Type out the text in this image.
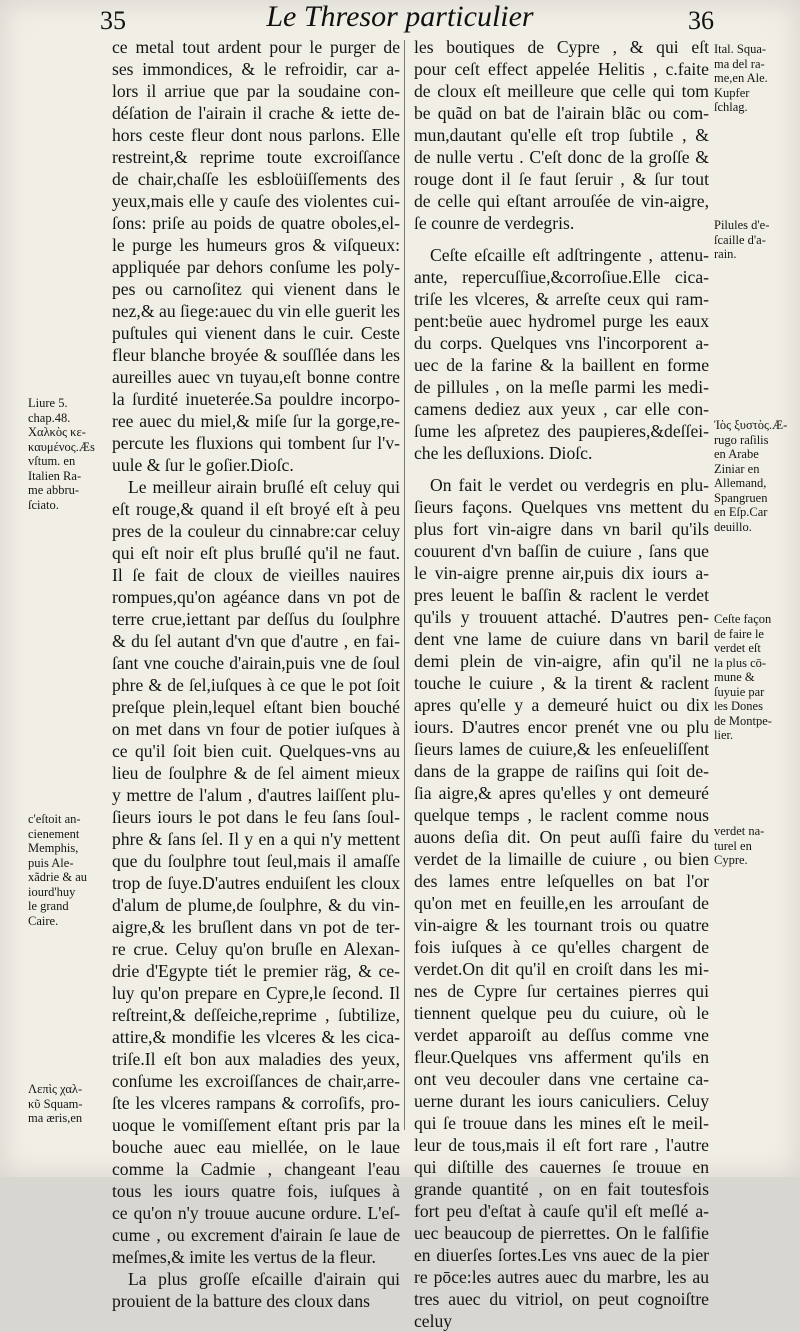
35	Le Thresor particulier	36

ce metal tout ardent pour le purger de
ses immondices, & le refroidir, car a-
lors il arriue que par la soudaine con-
déſation de l'airain il crache & iette de-
hors ceste fleur dont nous parlons. Elle
restreint,& reprime toute excroiſſance
de chair,chaſſe les esbloüiſſements des
yeux,mais elle y cauſe des violentes cui-
ſons: priſe au poids de quatre oboles,el-
le purge les humeurs gros & viſqueux:
appliquée par dehors conſume les poly-
pes ou carnoſitez qui vienent dans le
nez,& au ſiege:auec du vin elle guerit les
puſtules qui vienent dans le cuir. Ceste
fleur blanche broyée & souſſlée dans les
aureilles auec vn tuyau,eſt bonne contre
la ſurdité inueterée.Sa pouldre incorpo-
ree auec du miel,& miſe ſur la gorge,re-
percute les fluxions qui tombent ſur l'v-
uule & ſur le goſier.Dioſc.

Le meilleur airain bruſlé eſt celuy qui
eſt rouge,& quand il eſt broyé eſt à peu
pres de la couleur du cinnabre:car celuy
qui eſt noir eſt plus bruſlé qu'il ne faut.
Il ſe fait de cloux de vieilles nauires
rompues,qu'on agéance dans vn pot de
terre crue,iettant par deſſus du ſoulphre
& du ſel autant d'vn que d'autre , en fai-
ſant vne couche d'airain,puis vne de ſoul
phre & de ſel,iuſques à ce que le pot ſoit
preſque plein,lequel eſtant bien bouché
on met dans vn four de potier iuſques à
ce qu'il ſoit bien cuit. Quelques-vns au
lieu de ſoulphre & de ſel aiment mieux
y mettre de l'alum , d'autres laiſſent plu-
ſieurs iours le pot dans le feu ſans ſoul-
phre & ſans ſel. Il y en a qui n'y mettent
que du ſoulphre tout ſeul,mais il amaſſe
trop de ſuye.D'autres enduiſent les cloux
d'alum de plume,de ſoulphre, & du vin-
aigre,& les bruſlent dans vn pot de ter-
re crue. Celuy qu'on bruſle en Alexan-
drie d'Egypte tiét le premier räg, & ce-
luy qu'on prepare en Cypre,le ſecond. Il
reſtreint,& deſſeiche,reprime , ſubtilize,
attire,& mondifie les vlceres & les cica-
triſe.Il eſt bon aux maladies des yeux,
conſume les excroiſſances de chair,arre-
ſte les vlceres rampans & corroſifs, pro-
uoque le vomiſſement eſtant pris par la
bouche auec eau miellée, on le laue
comme la Cadmie , changeant l'eau
tous les iours quatre fois, iuſques à
ce qu'on n'y trouue aucune ordure. L'eſ-
cume , ou excrement d'airain ſe laue de
meſmes,& imite les vertus de la fleur.

La plus groſſe eſcaille d'airain qui
prouient de la batture des cloux dans

les boutiques de Cypre , & qui eſt
pour ceſt effect appelée Helitis , c.faite
de cloux eſt meilleure que celle qui tom
be quãd on bat de l'airain blãc ou com-
mun,dautant qu'elle eſt trop ſubtile , &
de nulle vertu . C'eſt donc de la groſſe &
rouge dont il ſe faut ſeruir , & ſur tout
de celle qui eſtant arrouſée de vin-aigre,
ſe counre de verdegris.

Ceſte eſcaille eſt adſtringente , attenu-
ante, repercuſſiue,&corroſiue.Elle cica-
triſe les vlceres, & arreſte ceux qui ram-
pent:beüe auec hydromel purge les eaux
du corps. Quelques vns l'incorporent a-
uec de la farine & la baillent en forme
de pillules , on la meſle parmi les medi-
camens dediez aux yeux , car elle con-
ſume les aſpretez des paupieres,&deſſei-
che les deſluxions. Dioſc.

On fait le verdet ou verdegris en plu-
ſieurs façons. Quelques vns mettent du
plus fort vin-aigre dans vn baril qu'ils
couurent d'vn baſſin de cuiure , ſans que
le vin-aigre prenne air,puis dix iours a-
pres leuent le baſſin & raclent le verdet
qu'ils y trouuent attaché. D'autres pen-
dent vne lame de cuiure dans vn baril
demi plein de vin-aigre, afin qu'il ne
touche le cuiure , & la tirent & raclent
apres qu'elle y a demeuré huict ou dix
iours. D'autres encor prenét vne ou plu
ſieurs lames de cuiure,& les enſeueliſſent
dans de la grappe de raiſins qui ſoit de-
ſia aigre,& apres qu'elles y ont demeuré
quelque temps , le raclent comme nous
auons deſia dit. On peut auſſi faire du
verdet de la limaille de cuiure , ou bien
des lames entre leſquelles on bat l'or
qu'on met en feuille,en les arrouſant de
vin-aigre & les tournant trois ou quatre
fois iuſques à ce qu'elles chargent de
verdet.On dit qu'il en croiſt dans les mi-
nes de Cypre ſur certaines pierres qui
tiennent quelque peu du cuiure, où le
verdet apparoiſt au deſſus comme vne
fleur.Quelques vns afferment qu'ils en
ont veu decouler dans vne certaine ca-
uerne durant les iours caniculiers. Celuy
qui ſe trouue dans les mines eſt le meil-
leur de tous,mais il eſt fort rare , l'autre
qui diſtille des cauernes ſe trouue en
grande quantité , on en fait toutesfois
fort peu d'eſtat à cauſe qu'il eſt meſlé a-
uec beaucoup de pierrettes. On le falſifie
en diuerſes ſortes.Les vns auec de la pier
re pōce:les autres auec du marbre, les au
tres auec du vitriol, on peut cognoiſtre
celuy

Liure 5.
chap.48.
Χαλκὸς κε-
καυμένος.Æs
vſtum. en
Italien Ra-
me abbru-
ſciato.
c'eſtoit an-
cienement
Memphis,
puis Ale-
xãdrie & au
iourd'huy
le grand
Caire.
Λεπὶς χαλ-
κῦ Squam-
ma æris,en
Ital. Squa-
ma del ra-
me,en Ale.
Kupfer
ſchlag.
Pilules d'e-
ſcaille d'a-
rain.
Ἰὸς ξυστὸς.Æ-
rugo raſilis
en Arabe
Ziniar en
Allemand,
Spangruen
en Eſp.Car
deuillo.
Ceſte façon
de faire le
verdet eſt
la plus cō-
mune &
ſuyuie par
les Dones
de Montpe-
lier.
verdet na-
turel en
Cypre.
